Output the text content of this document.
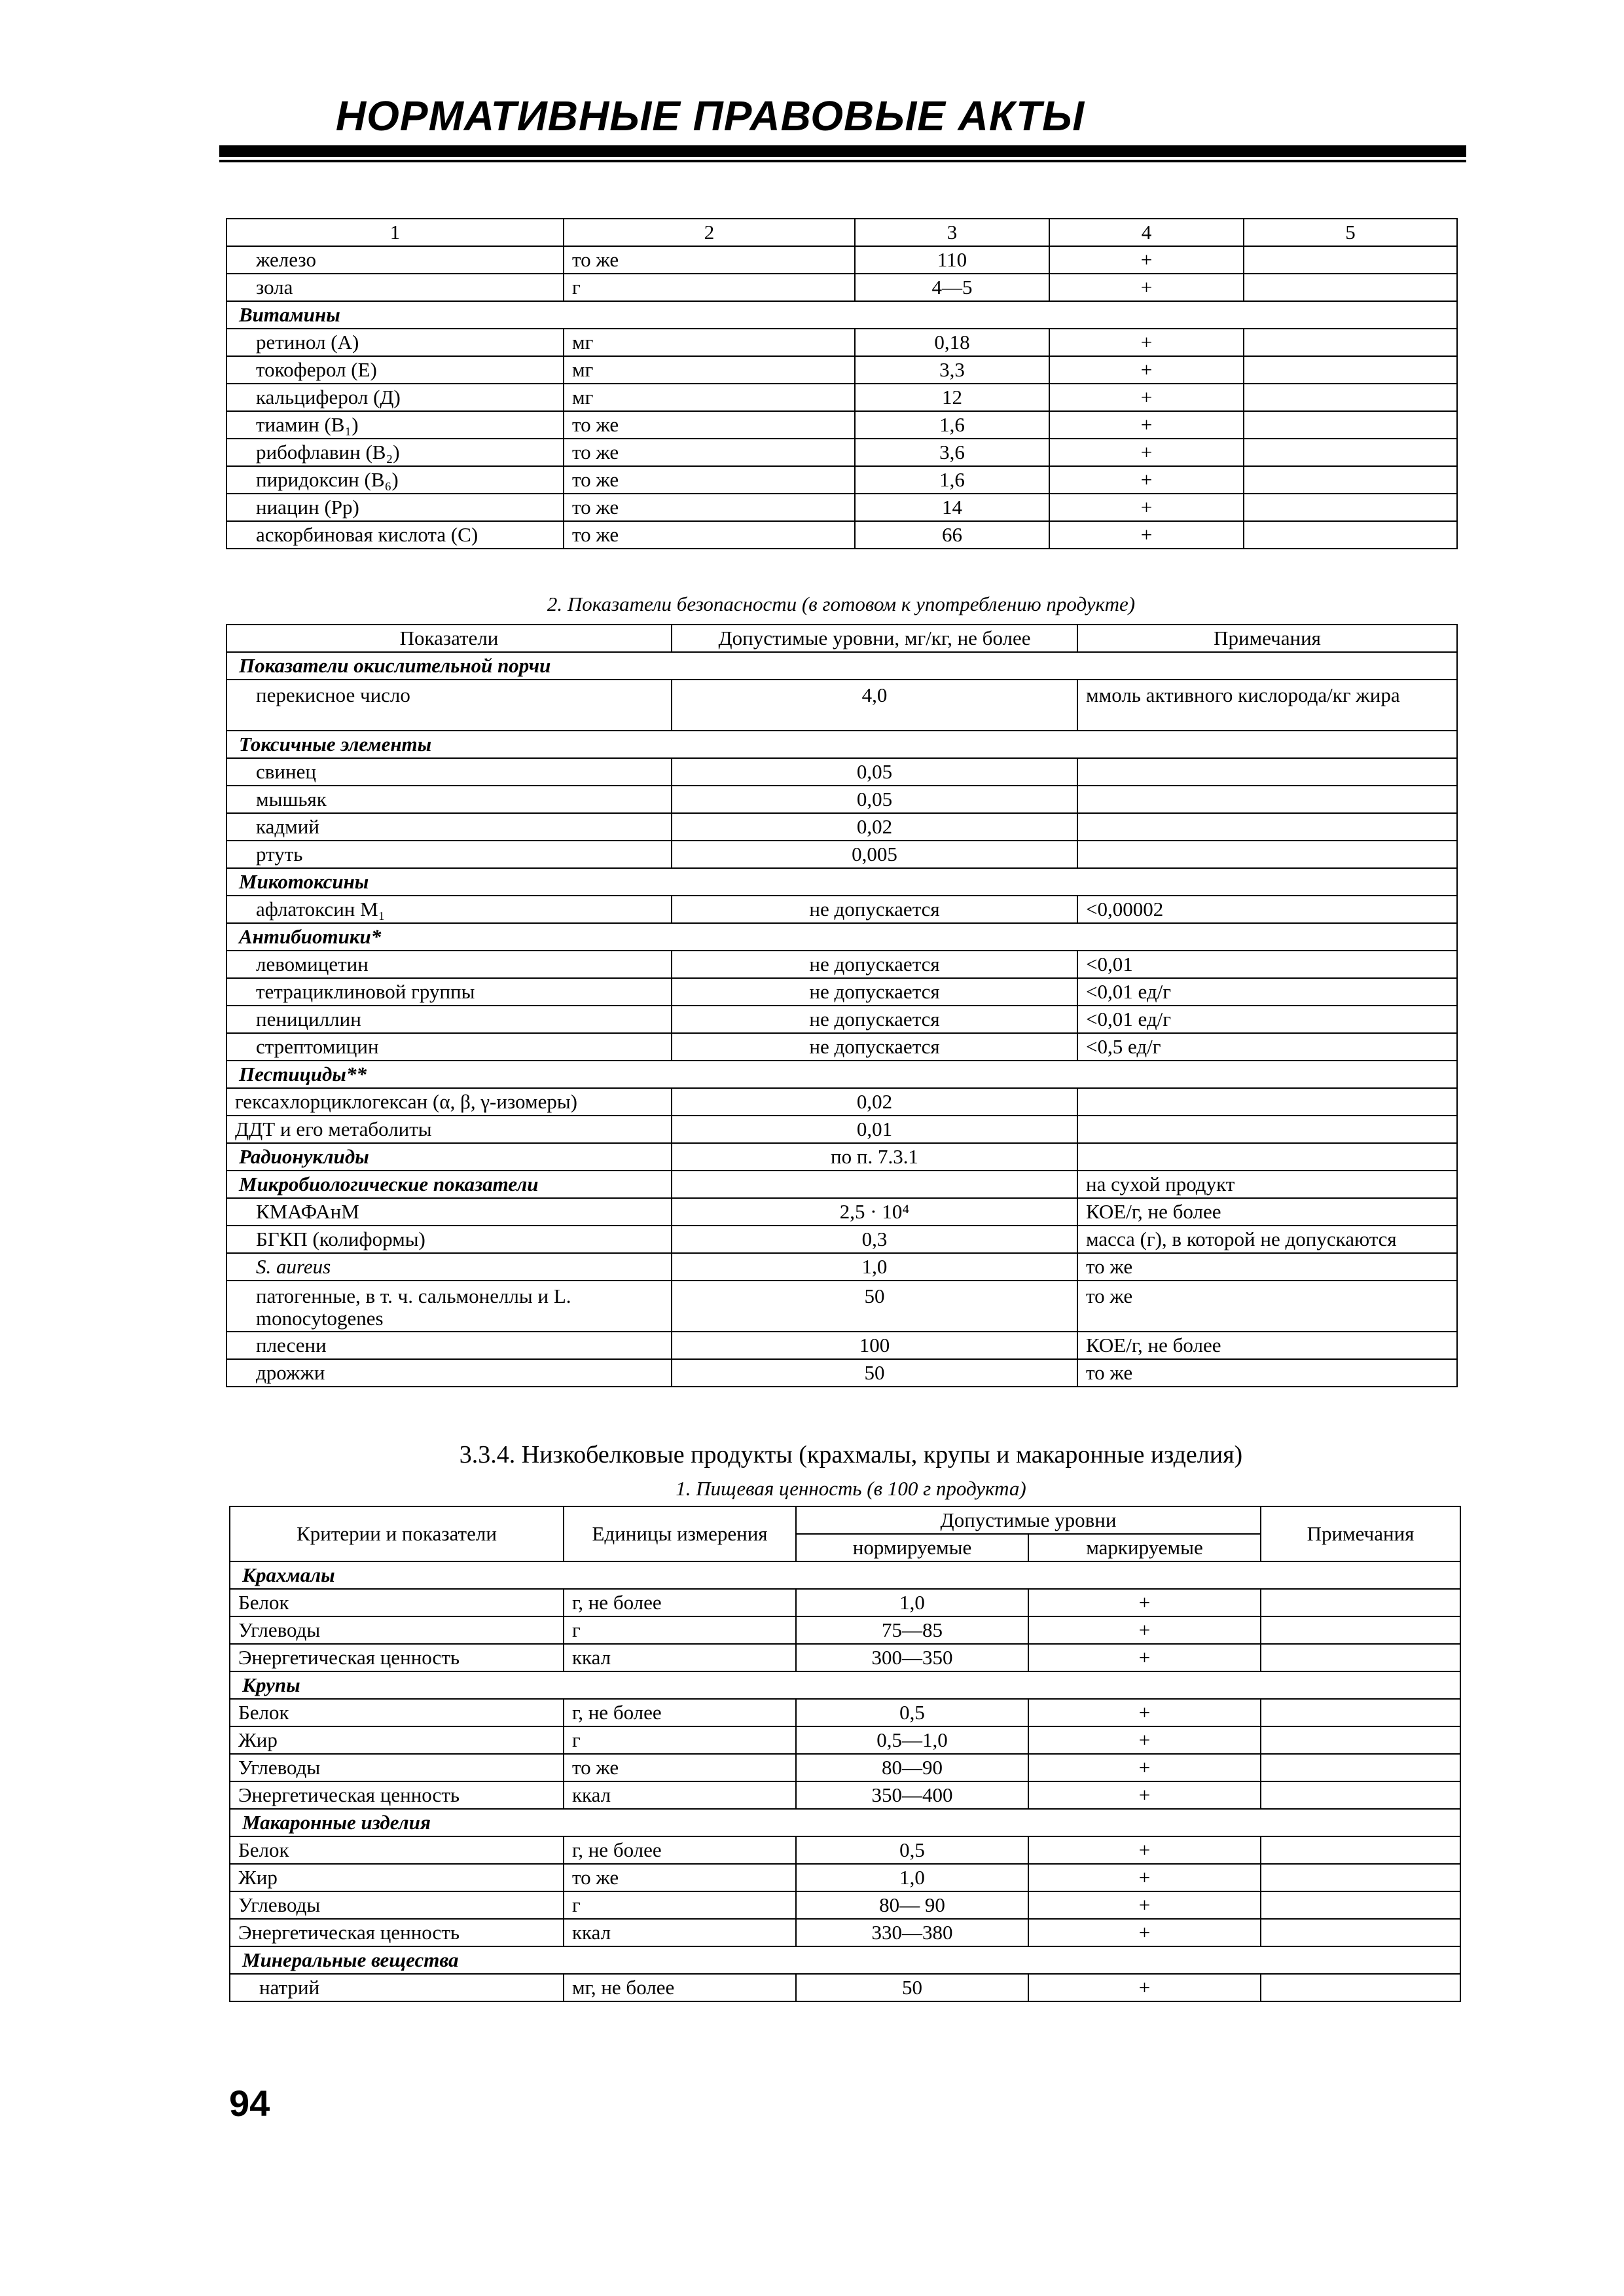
НОРМАТИВНЫЕ ПРАВОВЫЕ АКТЫ
1	2	3	4	5
железо	то же	110	+	
зола	г	4—5	+	
Витамины				
ретинол (А)	мг	0,18	+	
токоферол (Е)	мг	3,3	+	
кальциферол (Д)	мг	12	+	
тиамин (B₁)	то же	1,6	+	
рибофлавин (B₂)	то же	3,6	+	
пиридоксин (B₆)	то же	1,6	+	
ниацин (Pp)	то же	14	+	
аскорбиновая кислота (С)	то же	66	+	
2. Показатели безопасности (в готовом к употреблению продукте)
Показатели	Допустимые уровни, мг/кг, не более	Примечания
Показатели окислительной порчи		
перекисное число	4,0	ммоль активного кислорода/кг жира
Токсичные элементы		
свинец	0,05	
мышьяк	0,05	
кадмий	0,02	
ртуть	0,005	
Микотоксины		
афлатоксин M₁	не допускается	<0,00002
Антибиотики*		
левомицетин	не допускается	<0,01
тетрациклиновой группы	не допускается	<0,01 ед/г
пенициллин	не допускается	<0,01 ед/г
стрептомицин	не допускается	<0,5 ед/г
Пестициды**		
гексахлорциклогексан (α, β, γ-изомеры)	0,02	
ДДТ и его метаболиты	0,01	
Радионуклиды	по п. 7.3.1	
Микробиологические показатели		на сухой продукт
КМАФАнМ	2,5 · 10⁴	КОЕ/г, не более
БГКП (колиформы)	0,3	масса (г), в которой не допускаются
S. aureus	1,0	то же
патогенные, в т. ч. сальмонеллы и L. monocytogenes	50	то же
плесени	100	КОЕ/г, не более
дрожжи	50	то же
3.3.4. Низкобелковые продукты (крахмалы, крупы и макаронные изделия)
1. Пищевая ценность (в 100 г продукта)
Критерии и показатели	Единицы измерения	Допустимые уровни		Примечания
		нормируемые	маркируемые	
Крахмалы				
Белок	г, не более	1,0	+	
Углеводы	г	75—85	+	
Энергетическая ценность	ккал	300—350	+	
Крупы				
Белок	г, не более	0,5	+	
Жир	г	0,5—1,0	+	
Углеводы	то же	80—90	+	
Энергетическая ценность	ккал	350—400	+	
Макаронные изделия				
Белок	г, не более	0,5	+	
Жир	то же	1,0	+	
Углеводы	г	80— 90	+	
Энергетическая ценность	ккал	330—380	+	
Минеральные вещества				
натрий	мг, не более	50	+	
94
